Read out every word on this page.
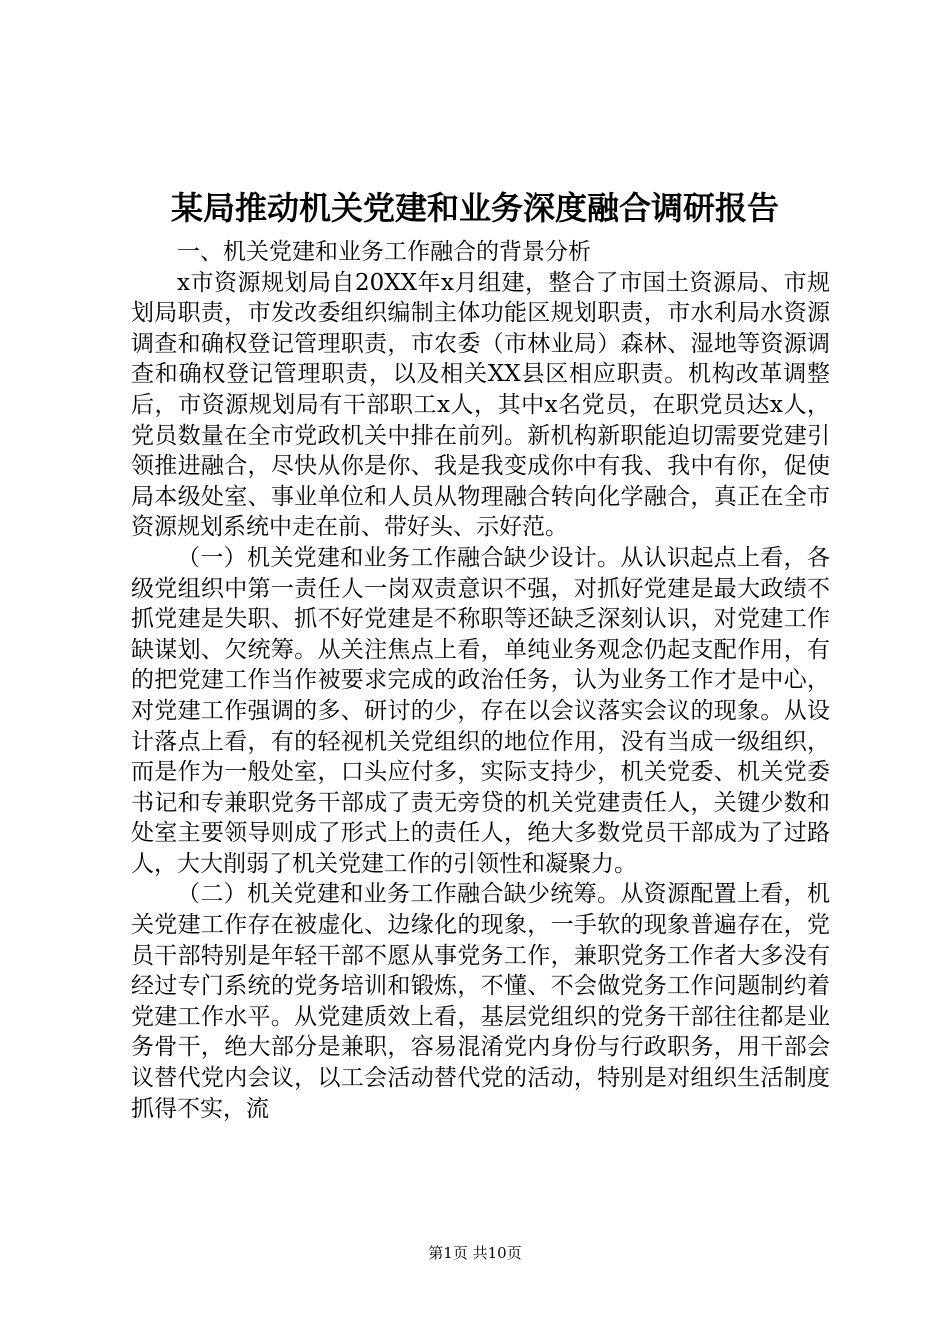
某局推动机关党建和业务深度融合调研报告

一、机关党建和业务工作融合的背景分析

x市资源规划局自20XX年x月组建，整合了市国土资源局、市规划局职责，市发改委组织编制主体功能区规划职责，市水利局水资源调查和确权登记管理职责，市农委（市林业局）森林、湿地等资源调查和确权登记管理职责，以及相关XX县区相应职责。机构改革调整后，市资源规划局有干部职工x人，其中x名党员，在职党员达x人，党员数量在全市党政机关中排在前列。新机构新职能迫切需要党建引领推进融合，尽快从你是你、我是我变成你中有我、我中有你，促使局本级处室、事业单位和人员从物理融合转向化学融合，真正在全市资源规划系统中走在前、带好头、示好范。

（一）机关党建和业务工作融合缺少设计。从认识起点上看，各级党组织中第一责任人一岗双责意识不强，对抓好党建是最大政绩不抓党建是失职、抓不好党建是不称职等还缺乏深刻认识，对党建工作缺谋划、欠统筹。从关注焦点上看，单纯业务观念仍起支配作用，有的把党建工作当作被要求完成的政治任务，认为业务工作才是中心，对党建工作强调的多、研讨的少，存在以会议落实会议的现象。从设计落点上看，有的轻视机关党组织的地位作用，没有当成一级组织，而是作为一般处室，口头应付多，实际支持少，机关党委、机关党委书记和专兼职党务干部成了责无旁贷的机关党建责任人，关键少数和处室主要领导则成了形式上的责任人，绝大多数党员干部成为了过路人，大大削弱了机关党建工作的引领性和凝聚力。

（二）机关党建和业务工作融合缺少统筹。从资源配置上看，机关党建工作存在被虚化、边缘化的现象，一手软的现象普遍存在，党员干部特别是年轻干部不愿从事党务工作，兼职党务工作者大多没有经过专门系统的党务培训和锻炼，不懂、不会做党务工作问题制约着党建工作水平。从党建质效上看，基层党组织的党务干部往往都是业务骨干，绝大部分是兼职，容易混淆党内身份与行政职务，用干部会议替代党内会议，以工会活动替代党的活动，特别是对组织生活制度抓得不实，流

第1页 共10页
